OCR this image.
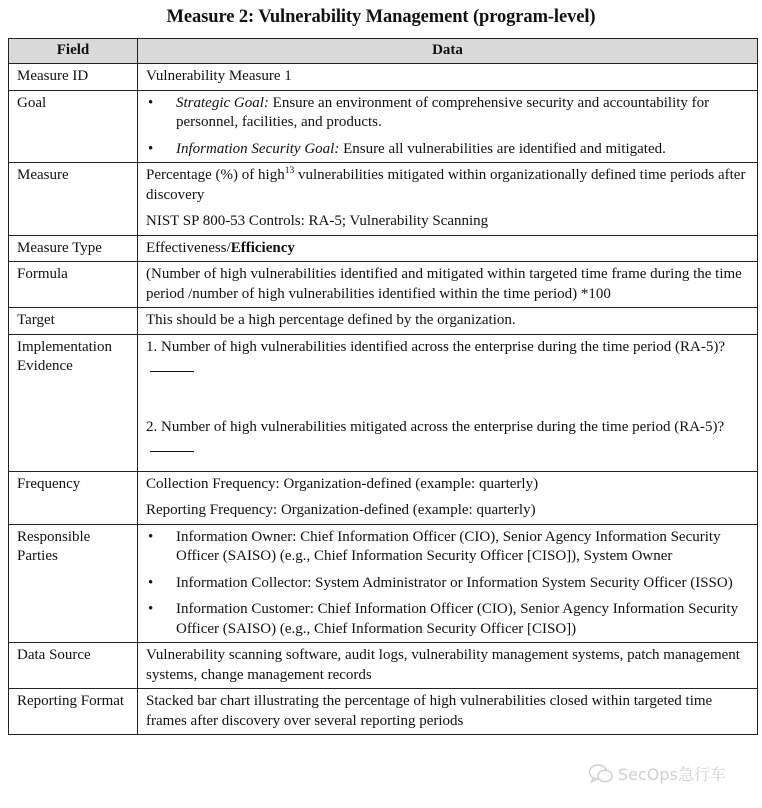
Measure 2: Vulnerability Management (program-level)
Field	Data
Measure ID	Vulnerability Measure 1
Goal	
•Strategic Goal: Ensure an environment of comprehensive security and accountability for personnel, facilities, and products.
• Information Security Goal: Ensure all vulnerabilities are identified and mitigated.

Measure	Percentage (%) of high$^{13}$ vulnerabilities mitigated within organizationally defined time periods after discovery

NIST SP 800-53 Controls: RA-5; Vulnerability Scanning

Measure Type	Effectiveness/Efficiency
Formula	(Number of high vulnerabilities identified and mitigated within targeted time frame during the time period /number of high vulnerabilities identified within the time period) *100
Target	This should be a high percentage defined by the organization.
Implementation Evidence	1. Number of high vulnerabilities identified across the enterprise during the time period (RA-5)?

2. Number of high vulnerabilities mitigated across the enterprise during the time period (RA-5)?

Frequency	Collection Frequency: Organization-defined (example: quarterly)

Reporting Frequency: Organization-defined (example: quarterly)

Responsible Parties	
• Information Owner: Chief Information Officer (CIO), Senior Agency Information Security Officer (SAISO) (e.g., Chief Information Security Officer [CISO]), System Owner
• Information Collector: System Administrator or Information System Security Officer (ISSO)
• Information Customer: Chief Information Officer (CIO), Senior Agency Information Security Officer (SAISO) (e.g., Chief Information Security Officer [CISO])

Data Source	Vulnerability scanning software, audit logs, vulnerability management systems, patch management systems, change management records
Reporting Format	Stacked bar chart illustrating the percentage of high vulnerabilities closed within targeted time frames after discovery over several reporting periods
SecOps急行车
